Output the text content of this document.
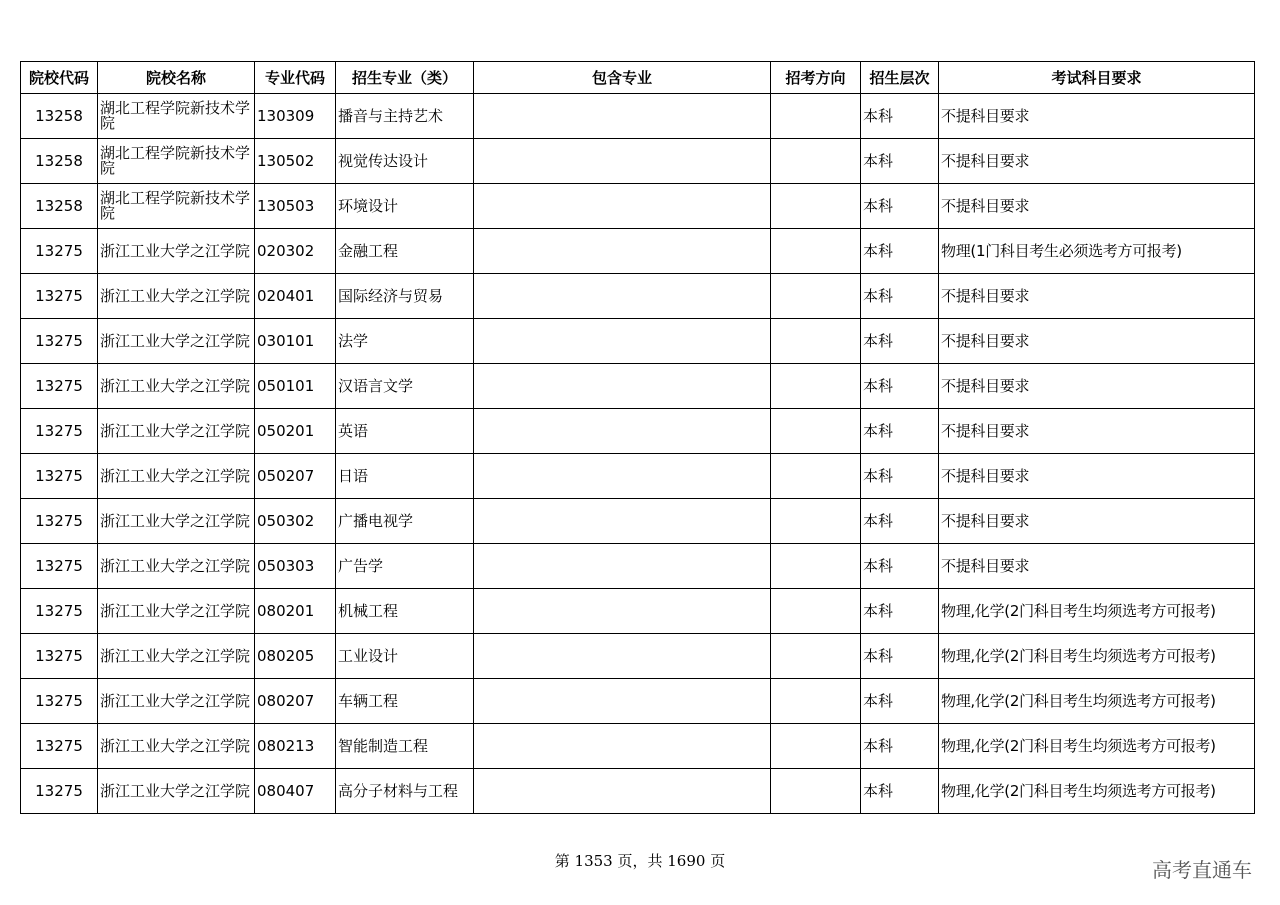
院校代码	院校名称	专业代码	招生专业（类）	包含专业	招考方向	招生层次	考试科目要求
13258	湖北工程学院新技术学院	130309	播音与主持艺术			本科	不提科目要求
13258	湖北工程学院新技术学院	130502	视觉传达设计			本科	不提科目要求
13258	湖北工程学院新技术学院	130503	环境设计			本科	不提科目要求
13275	浙江工业大学之江学院	020302	金融工程			本科	物理(1门科目考生必须选考方可报考)
13275	浙江工业大学之江学院	020401	国际经济与贸易			本科	不提科目要求
13275	浙江工业大学之江学院	030101	法学			本科	不提科目要求
13275	浙江工业大学之江学院	050101	汉语言文学			本科	不提科目要求
13275	浙江工业大学之江学院	050201	英语			本科	不提科目要求
13275	浙江工业大学之江学院	050207	日语			本科	不提科目要求
13275	浙江工业大学之江学院	050302	广播电视学			本科	不提科目要求
13275	浙江工业大学之江学院	050303	广告学			本科	不提科目要求
13275	浙江工业大学之江学院	080201	机械工程			本科	物理,化学(2门科目考生均须选考方可报考)
13275	浙江工业大学之江学院	080205	工业设计			本科	物理,化学(2门科目考生均须选考方可报考)
13275	浙江工业大学之江学院	080207	车辆工程			本科	物理,化学(2门科目考生均须选考方可报考)
13275	浙江工业大学之江学院	080213	智能制造工程			本科	物理,化学(2门科目考生均须选考方可报考)
13275	浙江工业大学之江学院	080407	高分子材料与工程			本科	物理,化学(2门科目考生均须选考方可报考)
第 1353 页，共 1690 页	高考直通车
